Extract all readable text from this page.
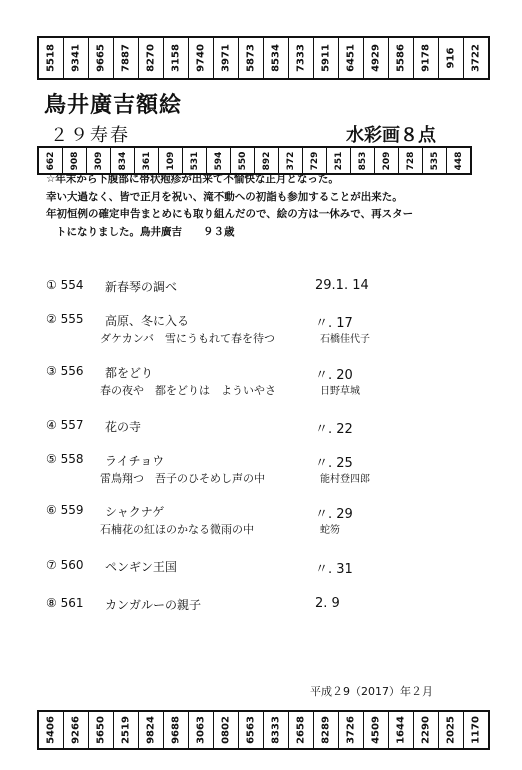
5518 9341 9665 7887 8270 3158 9740 3971 5873 8534 7333 5911 6451 4929 5586 9178 916 3722
鳥井廣吉額絵
２９寿春	水彩画８点
662 908 309 834 361 109 531 594 550 892 372 729 251 853 209 728 535 448
☆年末から下腹部に帯状疱疹が出来て不愉快な正月となった。
幸い大過なく、皆で正月を祝い、滝不動への初詣も参加することが出来た。
年初恒例の確定申告まとめにも取り組んだので、絵の方は一休みで、再スター
トになりました。鳥井廣吉　　９３歳
① 554 新春琴の調べ	29.1. 14
② 555 高原、冬に入る	〃. 17
ダケカンバ　雪にうもれて春を待つ	石橋佳代子
③ 556 都をどり	〃. 20
春の夜や　都をどりは　よういやさ	日野草城
④ 557 花の寺	〃. 22
⑤ 558 ライチョウ	〃. 25
雷鳥翔つ　吾子のひそめし声の中	能村登四郎
⑥ 559 シャクナゲ	〃. 29
石楠花の紅ほのかなる微雨の中	蛇笏
⑦ 560 ペンギン王国	〃. 31
⑧ 561 カンガルーの親子	2. 9
平成２9（2017）年２月
5406 9266 5650 2519 9824 9688 3063 0802 6563 8333 2658 8289 3726 4509 1644 2290 2025 1170
